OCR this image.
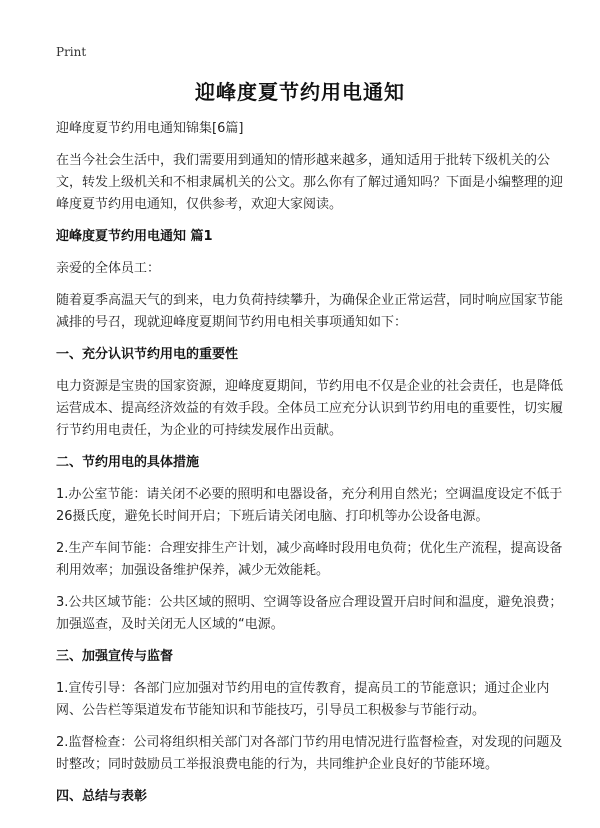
Print
迎峰度夏节约用电通知

迎峰度夏节约用电通知锦集[6篇]

在当今社会生活中，我们需要用到通知的情形越来越多，通知适用于批转下级机关的公文，转发上级机关和不相隶属机关的公文。那么你有了解过通知吗？下面是小编整理的迎峰度夏节约用电通知，仅供参考，欢迎大家阅读。

迎峰度夏节约用电通知 篇1

亲爱的全体员工：

随着夏季高温天气的到来，电力负荷持续攀升，为确保企业正常运营，同时响应国家节能减排的号召，现就迎峰度夏期间节约用电相关事项通知如下：

一、充分认识节约用电的重要性

电力资源是宝贵的国家资源，迎峰度夏期间，节约用电不仅是企业的社会责任，也是降低运营成本、提高经济效益的有效手段。全体员工应充分认识到节约用电的重要性，切实履行节约用电责任，为企业的可持续发展作出贡献。

二、节约用电的具体措施

1.办公室节能：请关闭不必要的照明和电器设备，充分利用自然光；空调温度设定不低于26摄氏度，避免长时间开启；下班后请关闭电脑、打印机等办公设备电源。

2.生产车间节能：合理安排生产计划，减少高峰时段用电负荷；优化生产流程，提高设备利用效率；加强设备维护保养，减少无效能耗。

3.公共区域节能：公共区域的照明、空调等设备应合理设置开启时间和温度，避免浪费；加强巡查，及时关闭无人区域的“电源。

三、加强宣传与监督

1.宣传引导：各部门应加强对节约用电的宣传教育，提高员工的节能意识；通过企业内网、公告栏等渠道发布节能知识和节能技巧，引导员工积极参与节能行动。

2.监督检查：公司将组织相关部门对各部门节约用电情况进行监督检查，对发现的问题及时整改；同时鼓励员工举报浪费电能的行为，共同维护企业良好的节能环境。

四、总结与表彰
